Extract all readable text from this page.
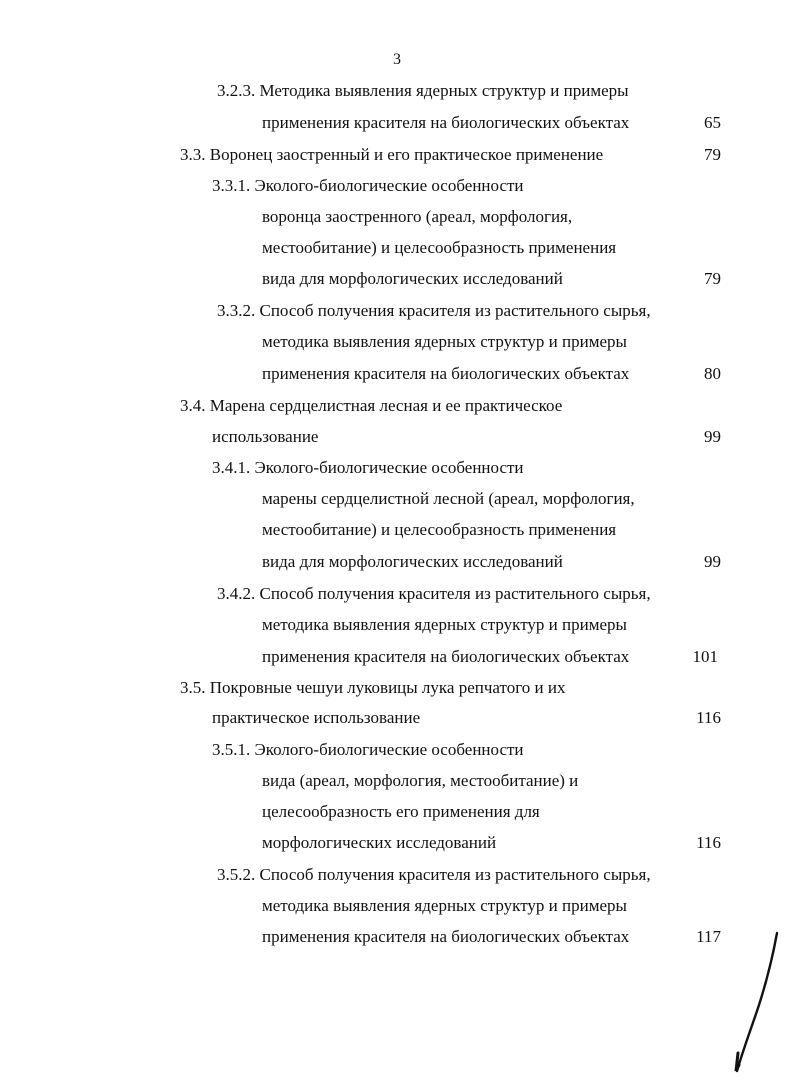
3
3.2.3. Методика выявления ядерных структур и примеры
применения красителя на биологических объектах	65
3.3. Воронец заостренный и его практическое применение	79
3.3.1. Эколого-биологические особенности
воронца заостренного (ареал, морфология,
местообитание) и целесообразность применения
вида для морфологических исследований	79
3.3.2. Способ получения красителя из растительного сырья,
методика выявления ядерных структур и примеры
применения красителя на биологических объектах	80
3.4. Марена сердцелистная лесная и ее практическое
использование	99
3.4.1. Эколого-биологические особенности
марены сердцелистной лесной (ареал, морфология,
местообитание) и целесообразность применения
вида для морфологических исследований	99
3.4.2. Способ получения красителя из растительного сырья,
методика выявления ядерных структур и примеры
применения красителя на биологических объектах	101
3.5. Покровные чешуи луковицы лука репчатого и их
практическое использование	116
3.5.1. Эколого-биологические особенности
вида (ареал, морфология, местообитание) и
целесообразность его применения для
морфологических исследований	116
3.5.2. Способ получения красителя из растительного сырья,
методика выявления ядерных структур и примеры
применения красителя на биологических объектах	117
